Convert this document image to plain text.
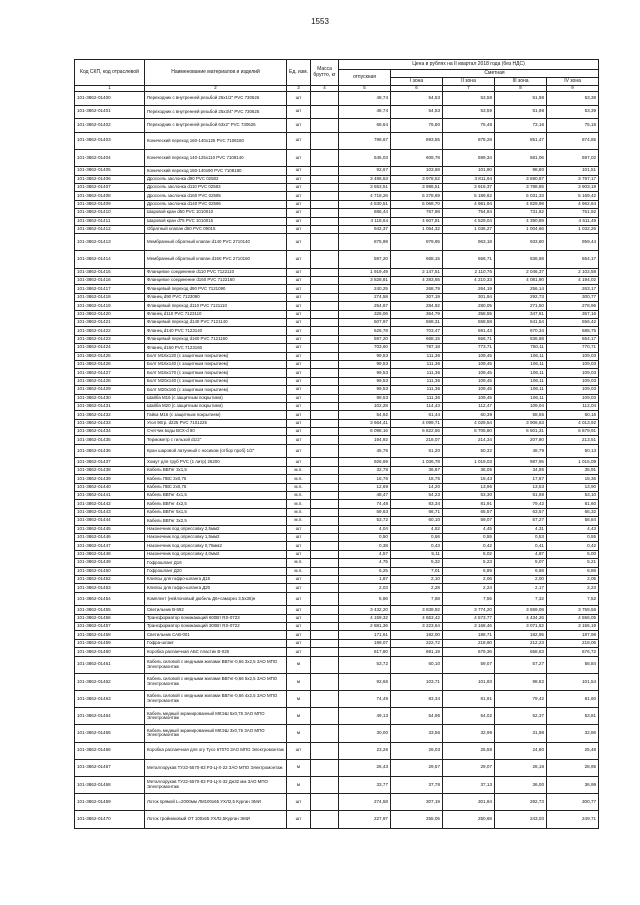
1553
Код СКП, код отраслевой	Наименование материалов и изделий	Ед. изм.	Масса брутто, кг	Цена в рублях на II квартал 2018 года (без НДС)				
				отпускная	Сметная			
					I зона	II зона	III зона	IV зона
1	2	3	4	5	6	7	8	9
101-3862-01400	Переходник с внутренней резьбой 25х1/2" PVC 730626	шт		48,74	54,53	53,59	51,98	53,39
101-3862-01401	Переходник с внутренней резьбой 25х3/4" PVC 730625	шт		48,74	54,53	53,59	51,98	53,39
101-3862-01402	Переходник с внутренней резьбой 63х2" PVC 730626	шт		68,64	76,80	75,48	73,16	75,19
101-3862-01403	Конический переход 160-140х125 PVC 7108180	шт		798,67	893,55	878,28	851,47	874,85
101-3862-01404	Конический переход 140-125х110 PVC 7108140	шт		545,03	609,78	599,34	581,06	597,02
101-3862-01405	Конический переход 160-140х90 PVC 7108180	шт		92,67	103,68	101,90	98,80	101,51
101-3862-01406	Дроссель заслонка d90 PVC 02582	шт		3 495,53	3 978,52	3 811,94	3 690,87	3 797,17
101-3862-01407	Дроссель заслонка d110 PVC 02583	шт		3 553,51	3 986,51	3 916,37	3 788,85	3 903,19
101-3862-01408	Дроссель заслонка d160 PVC 02585	шт		4 718,26	5 278,69	5 189,62	5 031,33	5 169,42
101-3862-01409	Дроссель заслонка d140 PVC 02586	шт		4 530,51	5 068,70	4 981,94	4 829,98	4 962,64
101-3862-01410	Шаровой кран d50 PVC 1010010	шт		686,44	767,98	754,84	731,82	751,92
101-3862-01411	Шаровой кран d75 PVC 1010015	шт		4 118,64	4 607,81	4 529,04	4 390,89	4 511,49
101-3862-01412	Обратный клапан d50 PVC 09015	шт		942,37	1 054,32	1 036,27	1 004,66	1 032,26
101-3862-01413	Мембранный обратный клапан d140 PVC 2710140	шт		875,99	979,95	963,18	933,80	959,44
101-3862-01414	Мембранный обратный клапан d160 PVC 2710160	шт		597,20	668,15	656,71	636,68	654,17
101-3862-01415	Фланцевое соединение d110 PVC 7122110	шт		1 919,49	2 147,51	2 110,76	2 046,37	2 102,58
101-3862-01416	Фланцевое соединение d160 PVC 7122160	шт		3 828,81	4 283,65	4 210,33	4 081,90	4 194,02
101-3862-01417	Фланцевый переход d90 PVC 7121090	шт		240,25	268,79	264,19	256,14	263,17
101-3862-01418	Фланец d90 PVC 7123090	шт		274,58	307,19	301,94	292,73	300,77
101-3862-01419	Фланцевый переход d110 PVC 7121110	шт		254,67	284,92	280,05	271,50	278,96
101-3862-01420	Фланец d110 PVC 7123110	шт		326,06	364,79	358,55	347,61	357,16
101-3862-01421	Фланцевый переход d140 PVC 7121140	шт		507,97	568,31	558,58	541,54	556,42
101-3862-01422	Фланец d140 PVC 7123140	шт		626,78	703,47	691,43	670,34	688,75
101-3862-01423	Фланцевый переход d160 PVC 7121160	шт		597,20	668,15	656,71	636,68	654,17
101-3862-01424	Фланец d160 PVC 7123160	шт		703,60	787,18	773,71	750,11	770,71
101-3862-01425	Болт М16х120 (с защитным покрытием)	шт		99,53	111,36	109,45	106,11	109,03
101-3862-01426	Болт М16х140 (с защитным покрытием)	шт		99,53	111,36	109,45	106,11	109,03
101-3862-01427	Болт М16х170 (с защитным покрытием)	шт		99,53	111,36	109,45	106,11	109,03
101-3862-01428	Болт М20х140 (с защитным покрытием)	шт		99,53	111,36	109,45	106,11	109,03
101-3862-01429	Болт М20х160 (с защитным покрытием)	шт		99,53	111,36	109,45	106,11	109,03
101-3862-01430	Шайба М16 (с защитным покрытием)	шт		99,53	111,36	109,45	106,11	109,03
101-3862-01431	Шайба М20 (с защитным покрытием)	шт		102,28	114,43	112,47	109,04	112,04
101-3862-01432	Гайка М16 (с защитным покрытием)	шт		54,92	61,44	60,39	58,55	60,15
101-3862-01433	Угол 90гр. d225 PVC 7101225	шт		3 664,41	4 099,71	4 029,54	3 906,63	4 013,92
101-3862-01434	Счетчик воды ВСХ-d 80	шт		6 098,16	6 822,56	6 705,80	6 501,31	6 679,91
101-3862-01435	Термометр с гильзой d1/2"	шт		194,92	218,07	214,34	207,80	213,51
101-3862-01436	Кран шаровой латунный с носиком (отбор проб) 1/2"	шт		45,76	51,20	50,32	48,79	50,13
101-3862-01437	Хомут для труб PVC (1 литр) 26200	шт		926,69	1 036,78	1 019,03	987,95	1 015,09
101-3862-01438	Кабель ВВГнг 3х1,5	м.п.		32,78	36,67	36,05	34,95	35,91
101-3862-01439	Кабель ПВС 3х0,75	м.п.		16,76	18,75	18,43	17,87	18,36
101-3862-01440	Кабель ПВС 2х0,75	м.п.		12,69	14,20	13,96	13,53	13,90
101-3862-01441	Кабель ВВГнг 4х1,5	м.п.		48,47	54,23	53,30	51,68	53,10
101-3862-01442	Кабель ВВГнг 4х2,5	м.п.		74,48	83,34	81,91	79,42	81,60
101-3862-01443	Кабель ВВГнг 5х1,5	м.п.		59,63	66,71	65,57	63,57	65,32
101-3862-01444	Кабель ВВГнг 3х2,5	м.п.		53,72	60,10	59,07	57,27	58,84
101-3862-01445	Наконечник под опрессовку 2,5мм2	шт		4,04	4,52	4,45	4,31	4,43
101-3862-01446	Наконечник под опрессовку 1,5мм2	шт		0,50	0,56	0,55	0,53	0,55
101-3862-01447	Наконечник под опрессовку 0,75мм2	шт		0,38	0,43	0,42	0,41	0,42
101-3862-01448	Наконечник под опрессовку 4,0мм2	шт		4,57	5,11	5,02	4,87	5,00
101-3862-01449	Гофрошланг Д16	м.п.		4,75	5,32	5,23	5,07	5,21
101-3862-01450	Гофрошланг Д20	м.п.		6,25	7,01	6,89	6,68	6,86
101-3862-01452	Клипсы для гофро-шланга Д16	шт		1,87	2,10	2,06	2,00	2,05
101-3862-01453	Клипсы для гофро-шланга Д20	шт		2,03	2,28	2,24	2,17	2,23
101-3862-01454	Комплект (нейлоновый дюбель Д6+саморез 3,5х35)н	шт		6,86	7,68	7,55	7,32	7,52
101-3862-01455	Светильник В-592	шт		3 432,20	3 839,92	3 774,20	3 659,08	3 759,58
101-3862-01456	Трансформатор понижающий 600Вт RS-0723	шт		4 159,32	4 653,42	4 573,77	4 434,26	4 556,05
101-3862-01457	Трансформатор понижающий 300Вт RS-0722	шт		2 881,36	3 223,64	3 168,46	3 071,82	3 156,19
101-3862-01458	Светильник САВ-001	шт		171,61	192,00	188,71	182,95	187,98
101-3862-01459	Гофра-шланг	шт		199,07	222,72	218,90	212,23	218,06
101-3862-01460	Коробка распаечная АБС пластик В-025	шт		617,80	691,19	679,36	658,63	676,72
101-3862-01461	Кабель силовой с медными жилами ВВГнг-0,66 3х2,5 ЗАО МПО Электромонтаж	м		53,72	60,10	59,07	57,27	58,84
101-3862-01462	Кабель силовой с медными жилами ВВГнг-0,66 5х2,5 ЗАО МПО Электромонтаж	м		92,66	103,71	101,93	98,82	101,54
101-3862-01463	Кабель силовой с медными жилами ВВГнг-0,66 4х2,5 ЗАО МПО Электромонтаж	м		74,49	83,34	81,91	79,42	81,60
101-3862-01464	Кабель медный экранированный МКЭШ 5х0,75 ЗАО МПО Электромонтаж	м		49,13	54,96	54,02	52,37	53,81
101-3862-01465	Кабель медный экранированный МКЭШ 3х0,75 ЗАО МПО Электромонтаж	м		30,00	33,56	32,99	31,98	32,86
101-3862-01466	Коробка распаечная для огу Tyco 67070 ЗАО МПО Электромонтаж	шт		23,26	26,03	25,58	24,80	25,48
101-3862-01467	Металлорукав ТУ22-5570-83 Р3-Ц-Х-22 ЗАО МПО Электромонтаж	м		26,43	29,57	29,07	28,18	28,95
101-3862-01468	Металлорукав ТУ22-5570-83 Р3-Ц-Х-32 Дн32 мм ЗАО МПО Электромонтаж	м		33,77	37,78	37,13	36,00	36,99
101-3862-01469	Лоток прямой L=2000мм ЛМ100х65 УХЛ2,5 Курган ЭМИ	шт		274,58	307,19	301,94	292,73	300,77
101-3862-01470	Лоток тройниковый ОТ 100х65 УХЛ2,5Курган ЭМИ	шт		227,97	255,05	250,68	243,03	249,71
